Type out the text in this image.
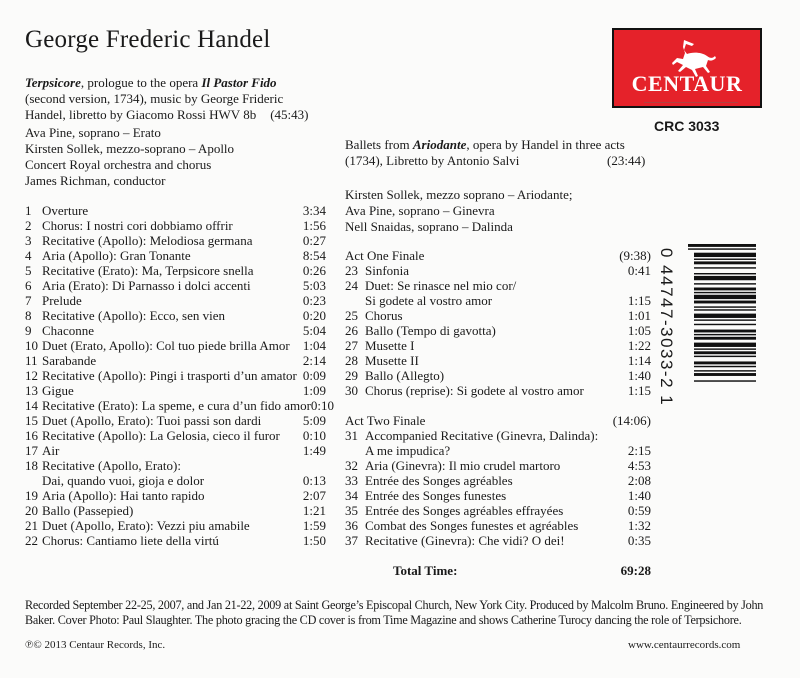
George Frederic Handel
Terpsicore, prologue to the opera Il Pastor Fido
(second version, 1734), music by George Frideric
Handel, libretto by Giacomo Rossi HWV 8b (45:43)
Ava Pine, soprano – Erato
Kirsten Sollek, mezzo-soprano – Apollo
Concert Royal orchestra and chorus
James Richman, conductor
1 Overture	3:34
2 Chorus: I nostri cori dobbiamo offrir	1:56
3 Recitative (Apollo): Melodiosa germana	0:27
4 Aria (Apollo): Gran Tonante	8:54
5 Recitative (Erato): Ma, Terpsicore snella	0:26
6 Aria (Erato): Di Parnasso i dolci accenti	5:03
7 Prelude	0:23
8 Recitative (Apollo): Ecco, sen vien	0:20
9 Chaconne	5:04
10 Duet (Erato, Apollo): Col tuo piede brilla Amor	1:04
11 Sarabande	2:14
12 Recitative (Apollo): Pingi i trasporti d’un amator 0:09
13 Gigue	1:09
14 Recitative (Erato): La speme, e cura d’un fido amor 0:10
15 Duet (Apollo, Erato): Tuoi passi son dardi	5:09
16 Recitative (Apollo): La Gelosia, cieco il furor	0:10
17 Air	1:49
18 Recitative (Apollo, Erato):
Dai, quando vuoi, gioja e dolor	0:13
19 Aria (Apollo): Hai tanto rapido	2:07
20 Ballo (Passepied)	1:21
21 Duet (Apollo, Erato): Vezzi piu amabile	1:59
22 Chorus: Cantiamo liete della virtú	1:50
CENTAUR
CRC 3033
Ballets from Ariodante, opera by Handel in three acts
(1734), Libretto by Antonio Salvi	(23:44)
Kirsten Sollek, mezzo soprano – Ariodante;
Ava Pine, soprano – Ginevra
Nell Snaidas, soprano – Dalinda
Act One Finale	(9:38)
23 Sinfonia	0:41
24 Duet: Se rinasce nel mio cor/
Si godete al vostro amor	1:15
25 Chorus	1:01
26 Ballo (Tempo di gavotta)	1:05
27 Musette I	1:22
28 Musette II	1:14
29 Ballo (Allegto)	1:40
30 Chorus (reprise): Si godete al vostro amor	1:15
Act Two Finale	(14:06)
31 Accompanied Recitative (Ginevra, Dalinda):
A me impudica?	2:15
32 Aria (Ginevra): Il mio crudel martoro	4:53
33 Entrée des Songes agréables	2:08
34 Entrée des Songes funestes	1:40
35 Entrée des Songes agréables effrayées	0:59
36 Combat des Songes funestes et agréables	1:32
37 Recitative (Ginevra): Che vidi? O dei!	0:35
Total Time:	69:28
0 44747-3033-2 1
Recorded September 22-25, 2007, and Jan 21-22, 2009 at Saint George’s Episcopal Church, New York City. Produced by Malcolm Bruno. Engineered by John Baker. Cover Photo: Paul Slaughter. The photo gracing the CD cover is from Time Magazine and shows Catherine Turocy dancing the role of Terpsichore.
℗© 2013 Centaur Records, Inc.	www.centaurrecords.com
